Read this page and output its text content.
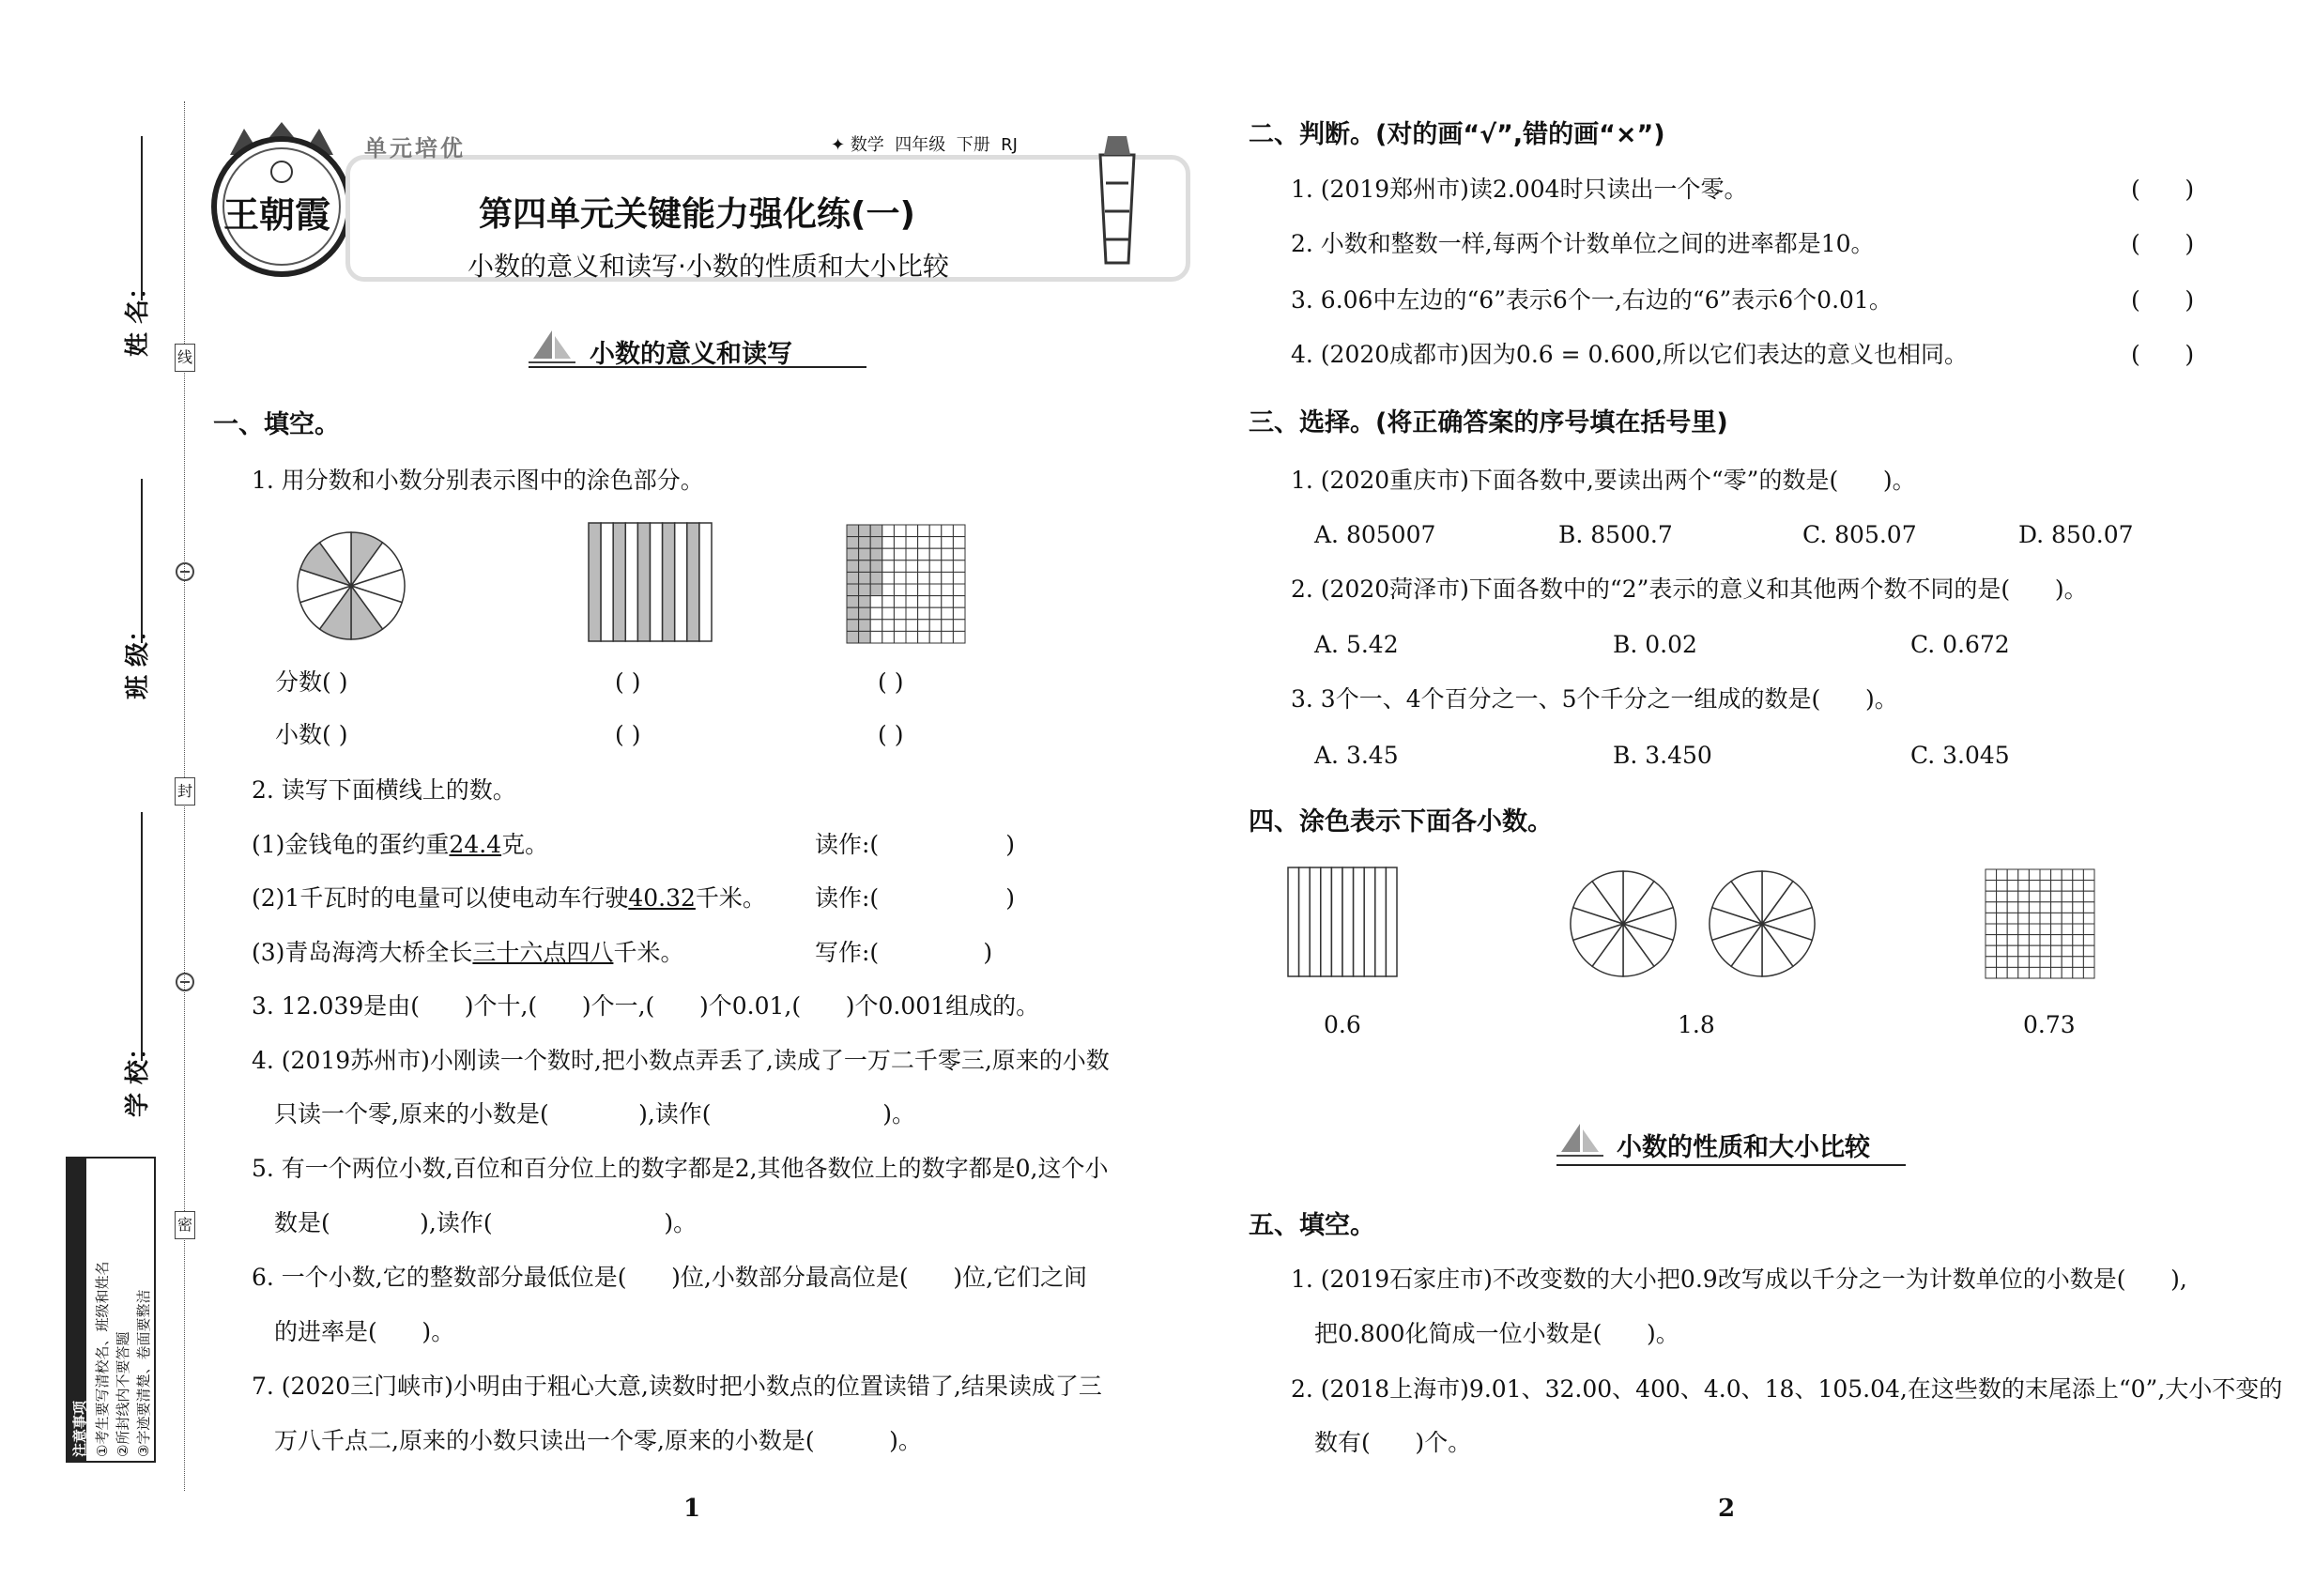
姓 名：
班 级：
学 校：
线
封
密
注意事项 ①考生要写清校名、班级和姓名 ②所封线内不要答题 ③字迹要清楚、卷面要整洁
王朝霞
单元培优	✦ 数学  四年级  下册  RJ
第四单元关键能力强化练(一)
小数的意义和读写·小数的性质和大小比较
小数的意义和读写
一、填空。
1. 用分数和小数分别表示图中的涂色部分。
分数( )	( )	( )
小数( )	( )	( )
2. 读写下面横线上的数。
(1)金钱龟的蛋约重24.4克。	读作:(                 )
(2)1千瓦时的电量可以使电动车行驶40.32千米。 读作:(                 )
(3)青岛海湾大桥全长三十六点四八千米。	写作:(              )
3. 12.039是由(      )个十,(      )个一,(      )个0.01,(      )个0.001组成的。
4. (2019苏州市)小刚读一个数时,把小数点弄丢了,读成了一万二千零三,原来的小数
只读一个零,原来的小数是(            ),读作(                       )。
5. 有一个两位小数,百位和百分位上的数字都是2,其他各数位上的数字都是0,这个小
数是(            ),读作(                       )。
6. 一个小数,它的整数部分最低位是(      )位,小数部分最高位是(      )位,它们之间
的进率是(      )。
7. (2020三门峡市)小明由于粗心大意,读数时把小数点的位置读错了,结果读成了三
万八千点二,原来的小数只读出一个零,原来的小数是(          )。
1
二、判断。(对的画“√”,错的画“×”)
1. (2019郑州市)读2.004时只读出一个零。	(      )
2. 小数和整数一样,每两个计数单位之间的进率都是10。	(      )
3. 6.06中左边的“6”表示6个一,右边的“6”表示6个0.01。	(      )
4. (2020成都市)因为0.6 = 0.600,所以它们表达的意义也相同。	(      )
三、选择。(将正确答案的序号填在括号里)
1. (2020重庆市)下面各数中,要读出两个“零”的数是(      )。
A. 805007	B. 8500.7	C. 805.07	D. 850.07
2. (2020菏泽市)下面各数中的“2”表示的意义和其他两个数不同的是(      )。
A. 5.42	B. 0.02	C. 0.672
3. 3个一、4个百分之一、5个千分之一组成的数是(      )。
A. 3.45	B. 3.450	C. 3.045
四、涂色表示下面各小数。
0.6	1.8	0.73
小数的性质和大小比较
五、填空。
1. (2019石家庄市)不改变数的大小把0.9改写成以千分之一为计数单位的小数是(      ),
把0.800化简成一位小数是(      )。
2. (2018上海市)9.01、32.00、400、4.0、18、105.04,在这些数的末尾添上“0”,大小不变的
数有(      )个。
2
